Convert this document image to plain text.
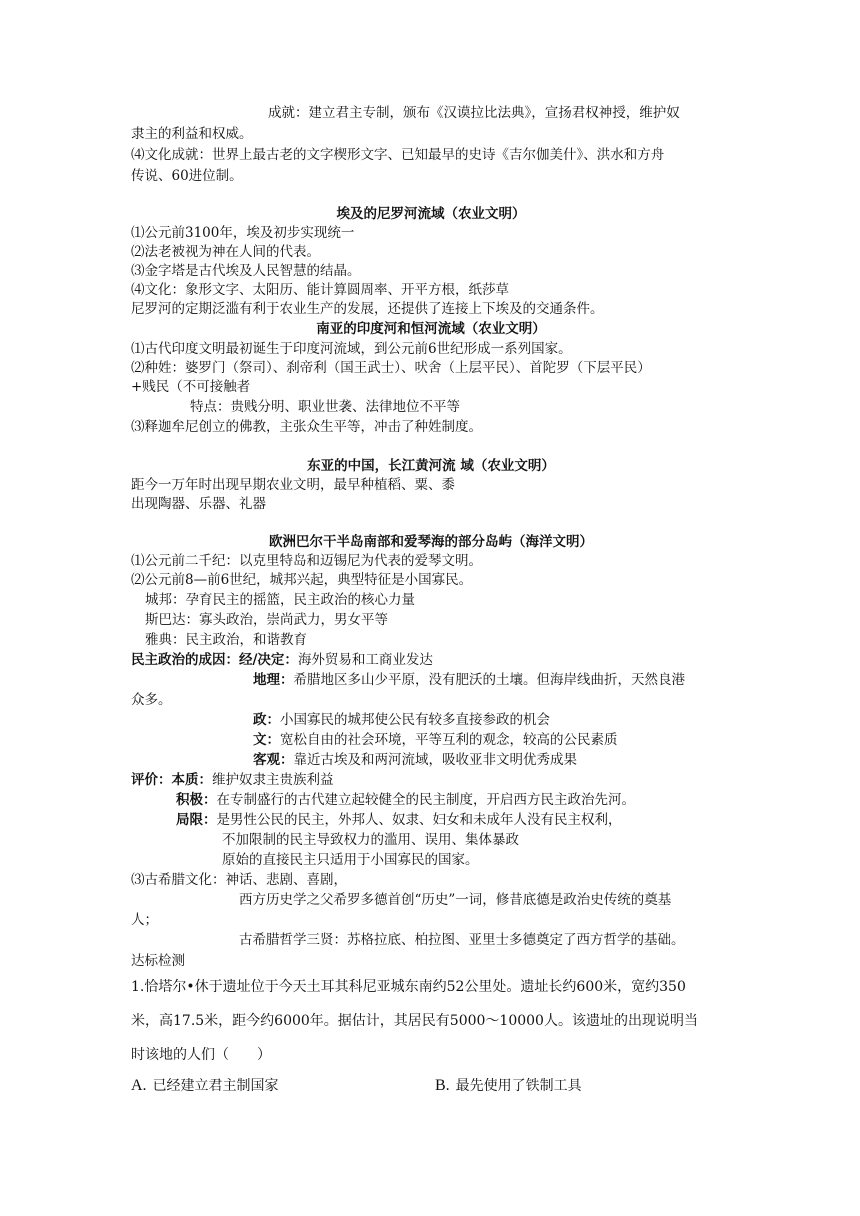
成就：建立君主专制，颁布《汉谟拉比法典》，宣扬君权神授，维护奴
隶主的利益和权威。
⑷文化成就：世界上最古老的文字楔形文字、已知最早的史诗《吉尔伽美什》、洪水和方舟
传说、60进位制。
埃及的尼罗河流域（农业文明）
⑴公元前3100年，埃及初步实现统一
⑵法老被视为神在人间的代表。
⑶金字塔是古代埃及人民智慧的结晶。
⑷文化：象形文字、太阳历、能计算圆周率、开平方根，纸莎草
尼罗河的定期泛滥有利于农业生产的发展，还提供了连接上下埃及的交通条件。
南亚的印度河和恒河流域（农业文明）
⑴古代印度文明最初诞生于印度河流域，到公元前6世纪形成一系列国家。
⑵种姓：婆罗门（祭司）、刹帝利（国王武士）、吠舍（上层平民）、首陀罗（下层平民）
+贱民（不可接触者
特点：贵贱分明、职业世袭、法律地位不平等
⑶释迦牟尼创立的佛教，主张众生平等，冲击了种姓制度。
东亚的中国，长江黄河流 域（农业文明）
距今一万年时出现早期农业文明，最早种植稻、粟、黍
出现陶器、乐器、礼器
欧洲巴尔干半岛南部和爱琴海的部分岛屿（海洋文明）
⑴公元前二千纪：以克里特岛和迈锡尼为代表的爱琴文明。
⑵公元前8—前6世纪，城邦兴起，典型特征是小国寡民。
城邦：孕育民主的摇篮，民主政治的核心力量
斯巴达：寡头政治，崇尚武力，男女平等
雅典：民主政治，和谐教育
民主政治的成因：经/决定：海外贸易和工商业发达
地理：希腊地区多山少平原，没有肥沃的土壤。但海岸线曲折，天然良港
众多。
政：小国寡民的城邦使公民有较多直接参政的机会
文：宽松自由的社会环境，平等互利的观念，较高的公民素质
客观：靠近古埃及和两河流域，吸收亚非文明优秀成果
评价：本质：维护奴隶主贵族利益
积极：在专制盛行的古代建立起较健全的民主制度，开启西方民主政治先河。
局限：是男性公民的民主，外邦人、奴隶、妇女和未成年人没有民主权利，
不加限制的民主导致权力的滥用、误用、集体暴政
原始的直接民主只适用于小国寡民的国家。
⑶古希腊文化：神话、悲剧、喜剧，
西方历史学之父希罗多德首创“历史”一词，修昔底德是政治史传统的奠基
人；
古希腊哲学三贤：苏格拉底、柏拉图、亚里士多德奠定了西方哲学的基础。
达标检测
1.恰塔尔•休于遗址位于今天土耳其科尼亚城东南约52公里处。遗址长约600米，宽约350
米，高17.5米，距今约6000年。据估计，其居民有5000～10000人。该遗址的出现说明当
时该地的人们（　　）
A. 已经建立君主制国家	B. 最先使用了铁制工具
